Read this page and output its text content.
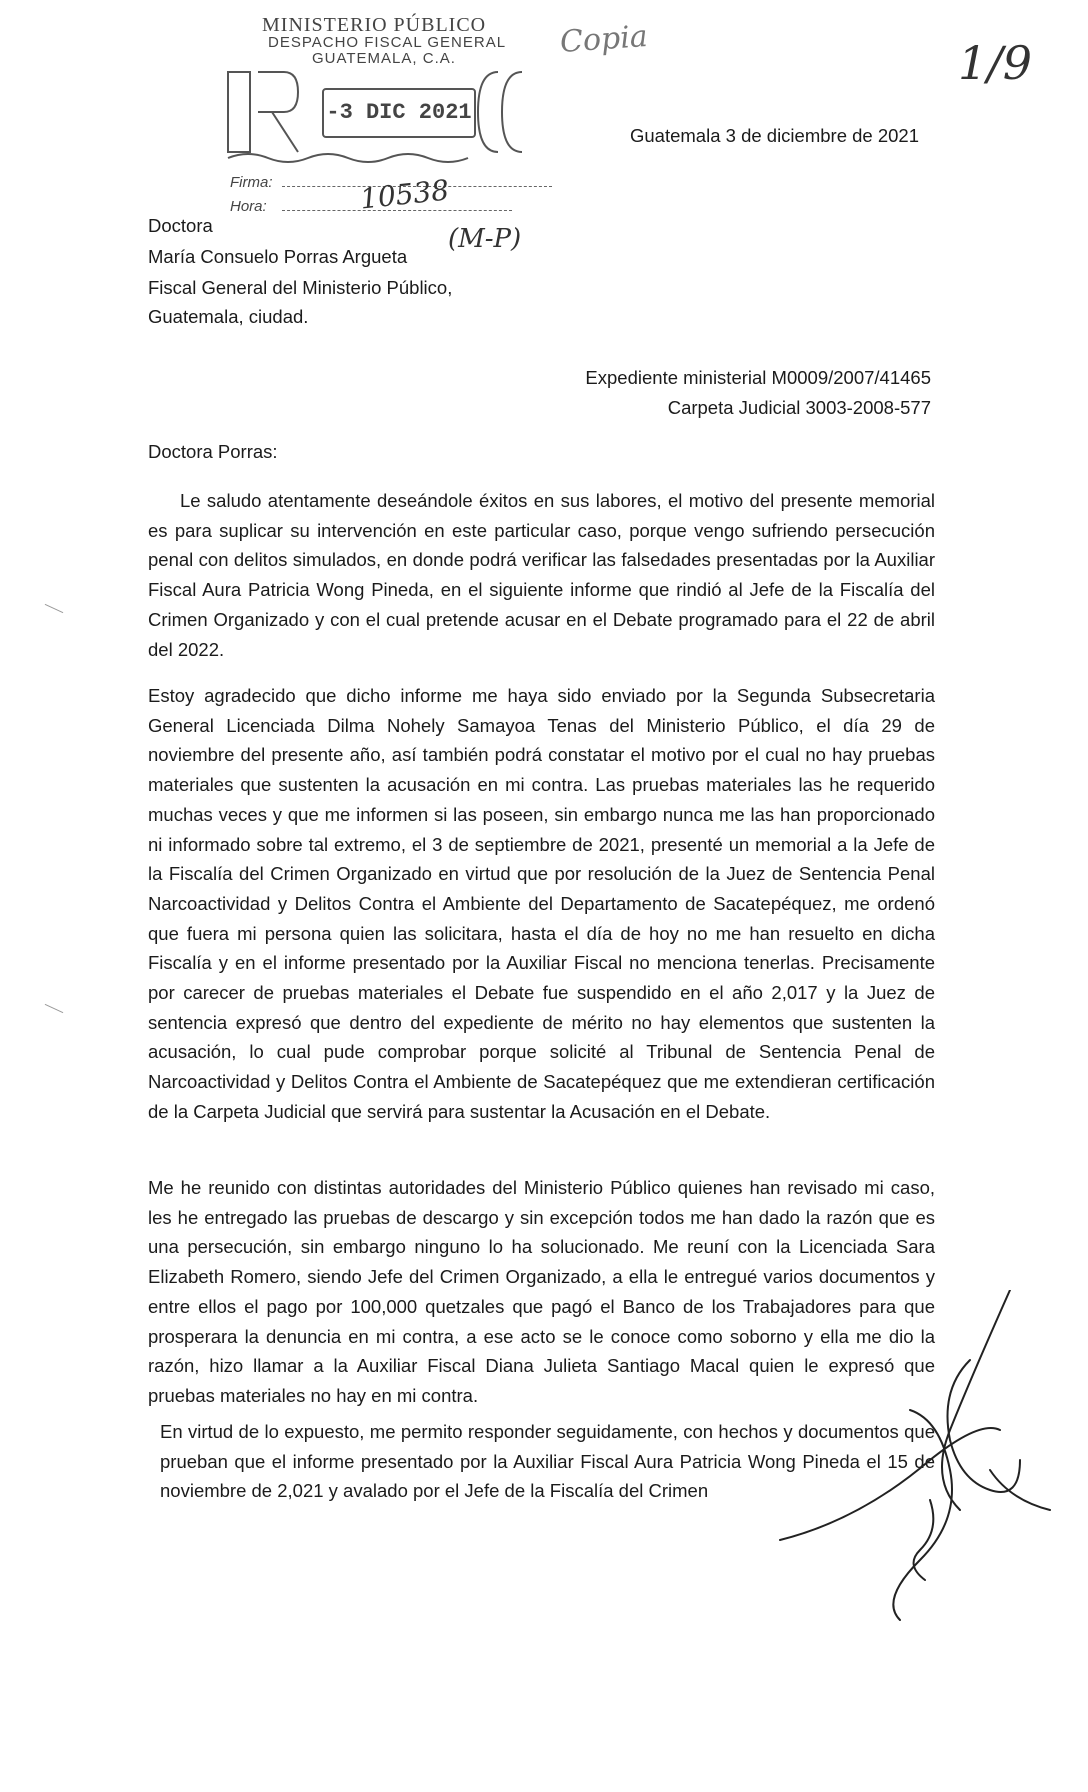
MINISTERIO PÚBLICO
DESPACHO FISCAL GENERAL
GUATEMALA, C.A.
-3 DIC 2021
Firma:
Hora:
Copia	1/9
10538
(M-P)
Guatemala 3 de diciembre de 2021
Doctora
María Consuelo Porras Argueta
Fiscal General del Ministerio Público,
Guatemala, ciudad.
Expediente ministerial M0009/2007/41465
Carpeta Judicial 3003-2008-577
Doctora Porras:
Le saludo atentamente deseándole éxitos en sus labores, el motivo del presente memorial es para suplicar su intervención en este particular caso, porque vengo sufriendo persecución penal con delitos simulados, en donde podrá verificar las falsedades presentadas por la Auxiliar Fiscal Aura Patricia Wong Pineda, en el siguiente informe que rindió al Jefe de la Fiscalía del Crimen Organizado y con el cual pretende acusar en el Debate programado para el 22 de abril del 2022.
Estoy agradecido que dicho informe me haya sido enviado por la Segunda Subsecretaria General Licenciada Dilma Nohely Samayoa Tenas del Ministerio Público, el día 29 de noviembre del presente año, así también podrá constatar el motivo por el cual no hay pruebas materiales que sustenten la acusación en mi contra. Las pruebas materiales las he requerido muchas veces y que me informen si las poseen, sin embargo nunca me las han proporcionado ni informado sobre tal extremo, el 3 de septiembre de 2021, presenté un memorial a la Jefe de la Fiscalía del Crimen Organizado en virtud que por resolución de la Juez de Sentencia Penal Narcoactividad y Delitos Contra el Ambiente del Departamento de Sacatepéquez, me ordenó que fuera mi persona quien las solicitara, hasta el día de hoy no me han resuelto en dicha Fiscalía y en el informe presentado por la Auxiliar Fiscal no menciona tenerlas. Precisamente por carecer de pruebas materiales el Debate fue suspendido en el año 2,017 y la Juez de sentencia expresó que dentro del expediente de mérito no hay elementos que sustenten la acusación, lo cual pude comprobar porque solicité al Tribunal de Sentencia Penal de Narcoactividad y Delitos Contra el Ambiente de Sacatepéquez que me extendieran certificación de la Carpeta Judicial que servirá para sustentar la Acusación en el Debate.
Me he reunido con distintas autoridades del Ministerio Público quienes han revisado mi caso, les he entregado las pruebas de descargo y sin excepción todos me han dado la razón que es una persecución, sin embargo ninguno lo ha solucionado. Me reuní con la Licenciada Sara Elizabeth Romero, siendo Jefe del Crimen Organizado, a ella le entregué varios documentos y entre ellos el pago por 100,000 quetzales que pagó el Banco de los Trabajadores para que prosperara la denuncia en mi contra, a ese acto se le conoce como soborno y ella me dio la razón, hizo llamar a la Auxiliar Fiscal Diana Julieta Santiago Macal quien le expresó que pruebas materiales no hay en mi contra.
En virtud de lo expuesto, me permito responder seguidamente, con hechos y documentos que prueban que el informe presentado por la Auxiliar Fiscal Aura Patricia Wong Pineda el 15 de noviembre de 2,021 y avalado por el Jefe de la Fiscalía del Crimen
